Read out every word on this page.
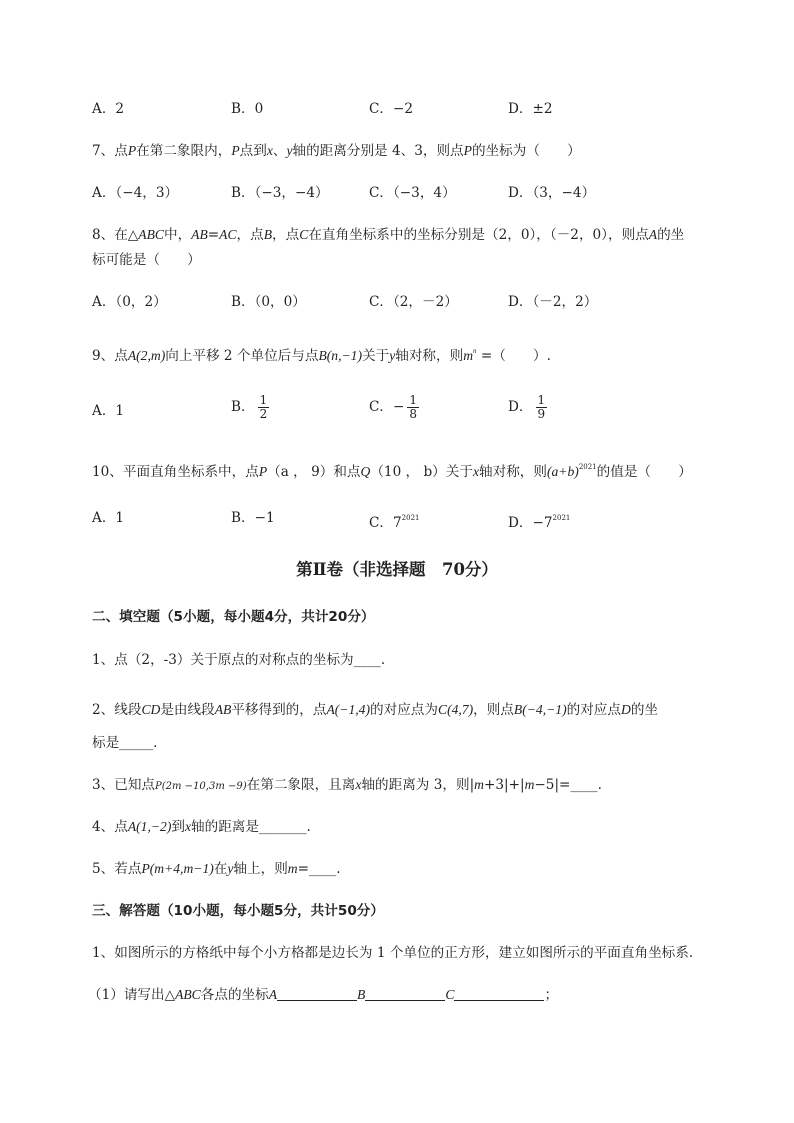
A．2	B．0	C．−2	D．±2
7、点P在第二象限内，P点到x、y轴的距离分别是 4、3，则点P的坐标为（　　）
A．（−4，3）	B．（−3，−4）	C．（−3，4）	D．（3，−4）
8、在△ABC中，AB=AC，点B，点C在直角坐标系中的坐标分别是（2，0），（－2，0），则点A的坐
标可能是（　　）
A．（0，2）	B．（0，0）	C．（2，－2）	D．（－2，2）
9、点A(2,m)向上平移 2 个单位后与点B(n,−1)关于y轴对称，则$m^n$ =（　　）.
A．1	B． $\frac{1}{2}$	C．− $\frac{1}{8}$	D． $\frac{1}{9}$
10、平面直角坐标系中，点P（a ， 9）和点Q（10 ， b）关于x轴对称，则$(a+b)^{2021}$的值是（　　）
A．1	B．−1	C．$7^{2021}$	D．$-7^{2021}$
第Ⅱ卷（非选择题　70分）
二、填空题（5小题，每小题4分，共计20分）
1、点（2，-3）关于原点的对称点的坐标为____.
2、线段CD是由线段AB平移得到的，点A(−1,4)的对应点为C(4,7)，则点B(−4,−1)的对应点D的坐
标是_____.
3、已知点P(2m −10,3m −9)在第二象限，且离x轴的距离为 3，则|m+3|+|m−5|=____.
4、点A(1,−2)到x轴的距离是_______.
5、若点P(m+4,m−1)在y轴上，则m=____.
三、解答题（10小题，每小题5分，共计50分）
1、如图所示的方格纸中每个小方格都是边长为 1 个单位的正方形，建立如图所示的平面直角坐标系.
（1）请写出△ABC各点的坐标A	B	C	；
